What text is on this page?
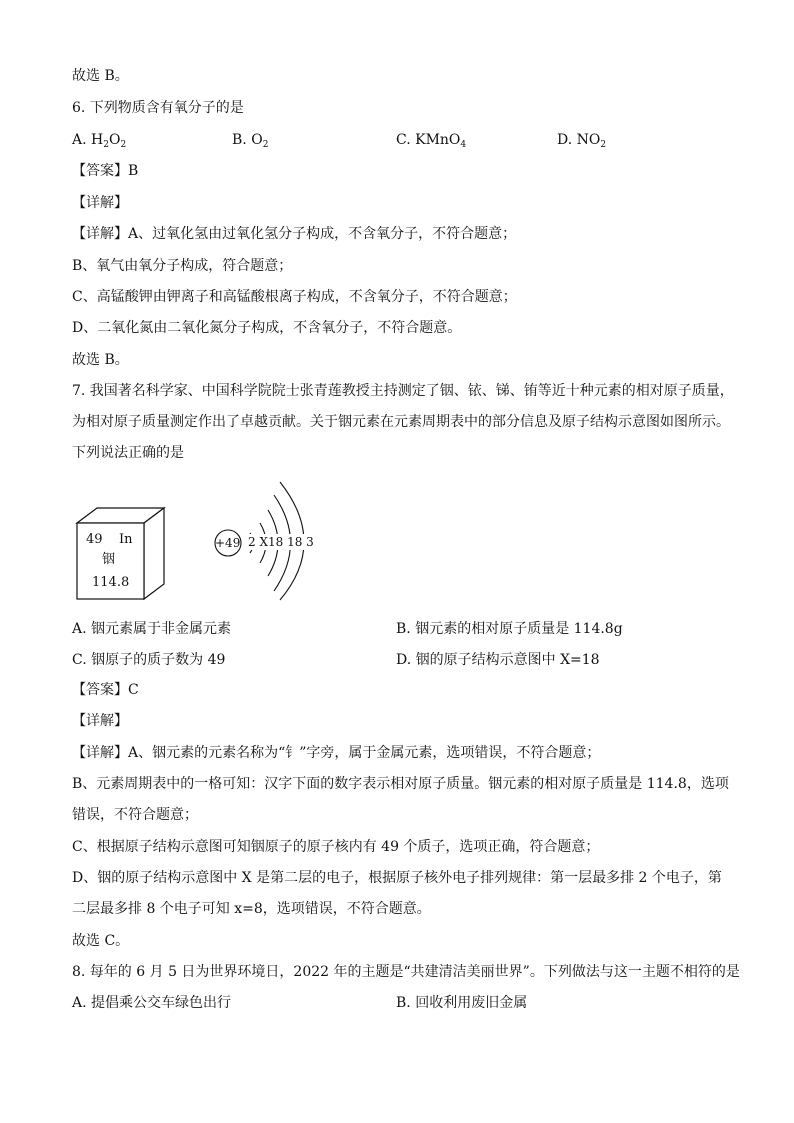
故选 B。
6. 下列物质含有氧分子的是
A. $H_2O_2$	B. $O_2$	C. KMnO$_4$	D. $NO_2$
【答案】B
【详解】
【详解】A、过氧化氢由过氧化氢分子构成，不含氧分子，不符合题意；
B、氧气由氧分子构成，符合题意；
C、高锰酸钾由钾离子和高锰酸根离子构成，不含氧分子，不符合题意；
D、二氧化氮由二氧化氮分子构成，不含氧分子，不符合题意。
故选 B。
7. 我国著名科学家、中国科学院院士张青莲教授主持测定了铟、铱、锑、铕等近十种元素的相对原子质量，
为相对原子质量测定作出了卓越贡献。关于铟元素在元素周期表中的部分信息及原子结构示意图如图所示。
下列说法正确的是
49 In
铟
114.8
+49 2 X18 18 3
A. 铟元素属于非金属元素	B. 铟元素的相对原子质量是 114.8g
C. 铟原子的质子数为 49	D. 铟的原子结构示意图中 X=18
【答案】C
【详解】
【详解】A、铟元素的元素名称为“钅”字旁，属于金属元素，选项错误，不符合题意；
B、元素周期表中的一格可知：汉字下面的数字表示相对原子质量。铟元素的相对原子质量是 114.8，选项
错误，不符合题意；
C、根据原子结构示意图可知铟原子的原子核内有 49 个质子，选项正确，符合题意；
D、铟的原子结构示意图中 X 是第二层的电子，根据原子核外电子排列规律：第一层最多排 2 个电子，第
二层最多排 8 个电子可知 x=8，选项错误，不符合题意。
故选 C。
8. 每年的 6 月 5 日为世界环境日，2022 年的主题是“共建清洁美丽世界”。下列做法与这一主题不相符的是
A. 提倡乘公交车绿色出行	B. 回收利用废旧金属
